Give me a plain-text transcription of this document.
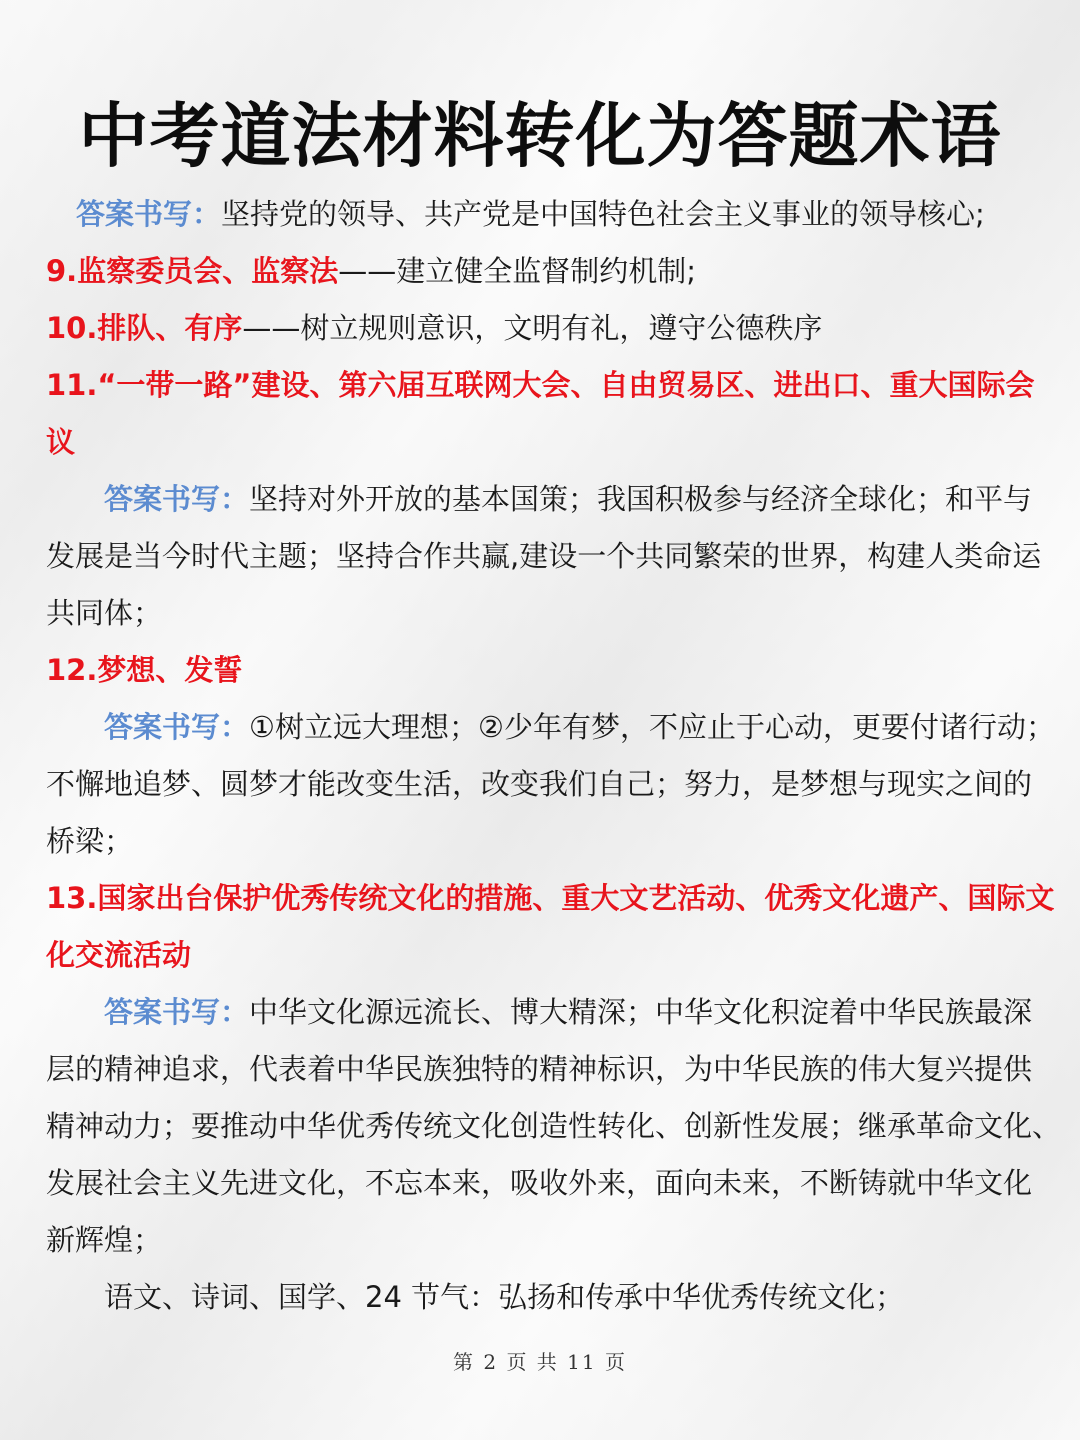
中考道法材料转化为答题术语
答案书写：坚持党的领导、共产党是中国特色社会主义事业的领导核心;
9.监察委员会、监察法——建立健全监督制约机制;
10.排队、有序——树立规则意识，文明有礼，遵守公德秩序
11.“一带一路”建设、第六届互联网大会、自由贸易区、进出口、重大国际会
议
答案书写：坚持对外开放的基本国策；我国积极参与经济全球化；和平与
发展是当今时代主题；坚持合作共赢,建设一个共同繁荣的世界，构建人类命运
共同体；
12.梦想、发誓
答案书写：①树立远大理想；②少年有梦，不应止于心动，更要付诸行动；
不懈地追梦、圆梦才能改变生活，改变我们自己；努力，是梦想与现实之间的
桥梁；
13.国家出台保护优秀传统文化的措施、重大文艺活动、优秀文化遗产、国际文
化交流活动
答案书写：中华文化源远流长、博大精深；中华文化积淀着中华民族最深
层的精神追求，代表着中华民族独特的精神标识，为中华民族的伟大复兴提供
精神动力；要推动中华优秀传统文化创造性转化、创新性发展；继承革命文化、
发展社会主义先进文化，不忘本来，吸收外来，面向未来，不断铸就中华文化
新辉煌；
语文、诗词、国学、24 节气：弘扬和传承中华优秀传统文化；
第 2 页 共 11 页
